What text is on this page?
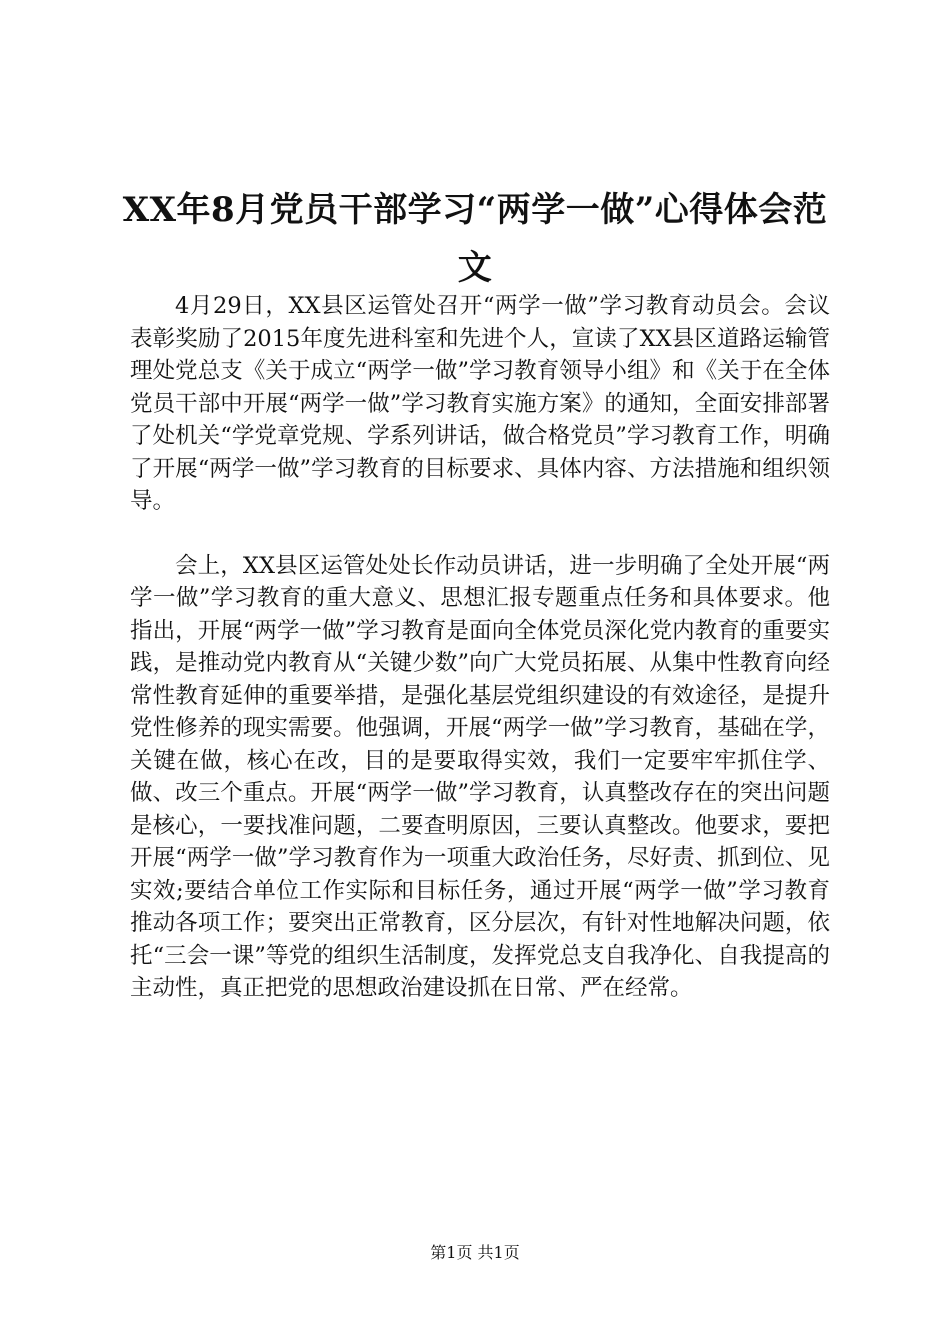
XX年8月党员干部学习“两学一做”心得体会范文

4月29日，XX县区运管处召开“两学一做”学习教育动员会。会议表彰奖励了2015年度先进科室和先进个人，宣读了XX县区道路运输管理处党总支《关于成立“两学一做”学习教育领导小组》和《关于在全体党员干部中开展“两学一做”学习教育实施方案》的通知，全面安排部署了处机关“学党章党规、学系列讲话，做合格党员”学习教育工作，明确了开展“两学一做”学习教育的目标要求、具体内容、方法措施和组织领导。

会上，XX县区运管处处长作动员讲话，进一步明确了全处开展“两学一做”学习教育的重大意义、思想汇报专题重点任务和具体要求。他指出，开展“两学一做”学习教育是面向全体党员深化党内教育的重要实践，是推动党内教育从“关键少数”向广大党员拓展、从集中性教育向经常性教育延伸的重要举措，是强化基层党组织建设的有效途径，是提升党性修养的现实需要。他强调，开展“两学一做”学习教育，基础在学，关键在做，核心在改，目的是要取得实效，我们一定要牢牢抓住学、做、改三个重点。开展“两学一做”学习教育，认真整改存在的突出问题是核心，一要找准问题，二要查明原因，三要认真整改。他要求，要把开展“两学一做”学习教育作为一项重大政治任务，尽好责、抓到位、见实效;要结合单位工作实际和目标任务，通过开展“两学一做”学习教育推动各项工作；要突出正常教育，区分层次，有针对性地解决问题，依托“三会一课”等党的组织生活制度，发挥党总支自我净化、自我提高的主动性，真正把党的思想政治建设抓在日常、严在经常。

第1页 共1页
